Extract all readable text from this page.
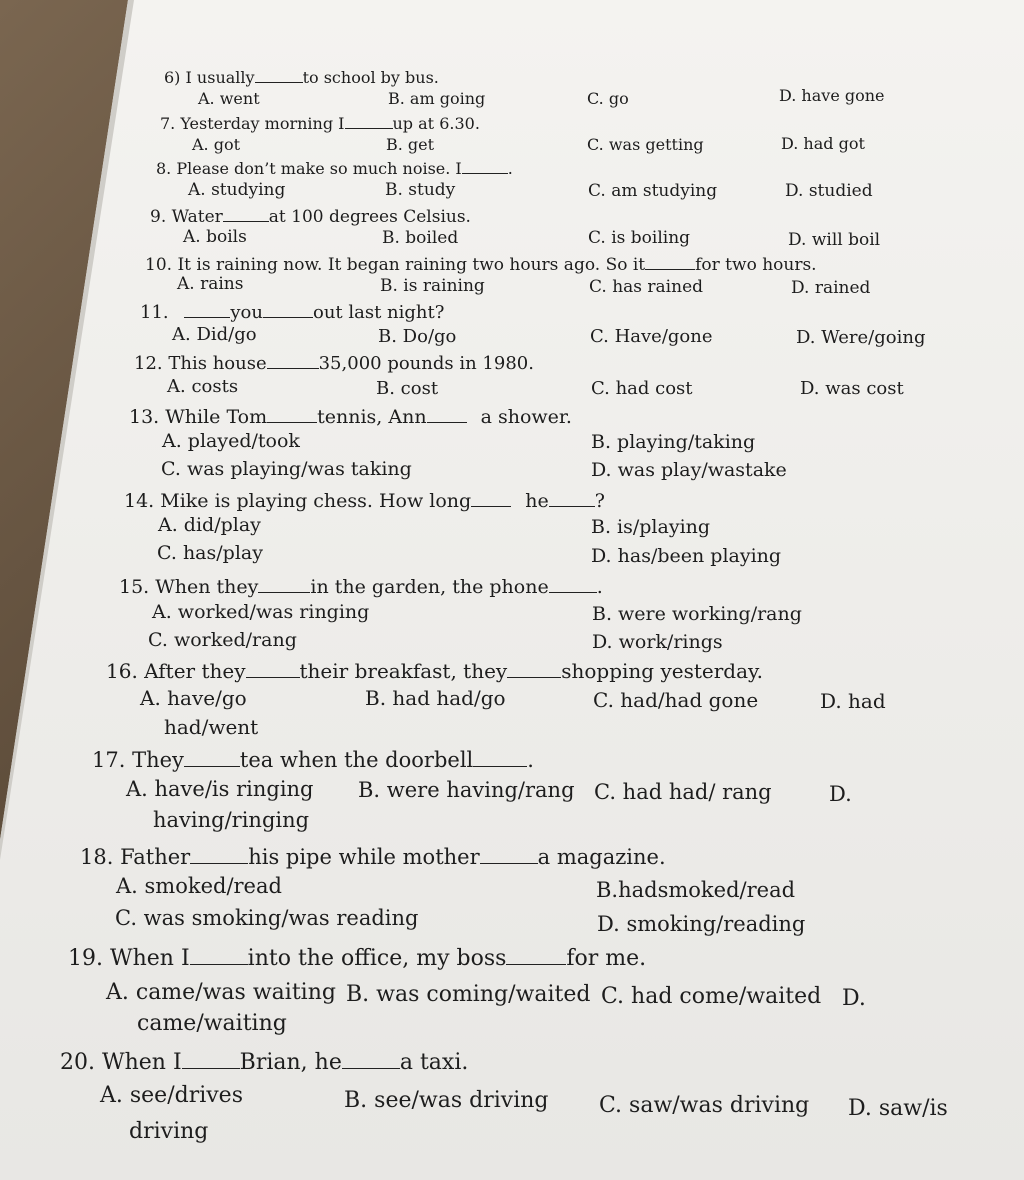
6) I usually	to school by bus.
A. went	B. am going	C. go	D. have gone
7. Yesterday morning I	up at 6.30.
A. got	B. get	C. was getting	D. had got
8. Please don’t make so much noise. I	.
A. studying	B. study	C. am studying	D. studied
9. Water	at 100 degrees Celsius.
A. boils	B. boiled	C. is boiling	D. will boil
10. It is raining now. It began raining two hours ago. So it	for two hours.
A. rains	B. is raining	C. has rained	D. rained
11.	you	out last night?
A. Did/go	B. Do/go	C. Have/gone	D. Were/going
12. This house	35,000 pounds in 1980.
A. costs	B. cost	C. had cost	D. was cost
13. While Tom	tennis, Ann	a shower.
A. played/took	B. playing/taking
C. was playing/was taking	D. was play/wastake
14. Mike is playing chess. How long	he ?
A. did/play	B. is/playing
C. has/play	D. has/been playing
15. When they	in the garden, the phone	.
A. worked/was ringing	B. were working/rang
C. worked/rang	D. work/rings
16. After they	their breakfast, they	shopping yesterday.
A. have/go	B. had had/go	C. had/had gone	D. had
had/went
17. They	tea when the doorbell	.
A. have/is ringing B. were having/rang C. had had/ rang	D.
having/ringing
18. Father	his pipe while mother	a magazine.
A. smoked/read	B.hadsmoked/read
C. was smoking/was reading	D. smoking/reading
19. When I	into the office, my boss	for me.
A. came/was waiting B. was coming/waited C. had come/waited D.
came/waiting
20. When I	Brian, he	a taxi.
A. see/drives	B. see/was driving C. saw/was driving D. saw/is
driving
